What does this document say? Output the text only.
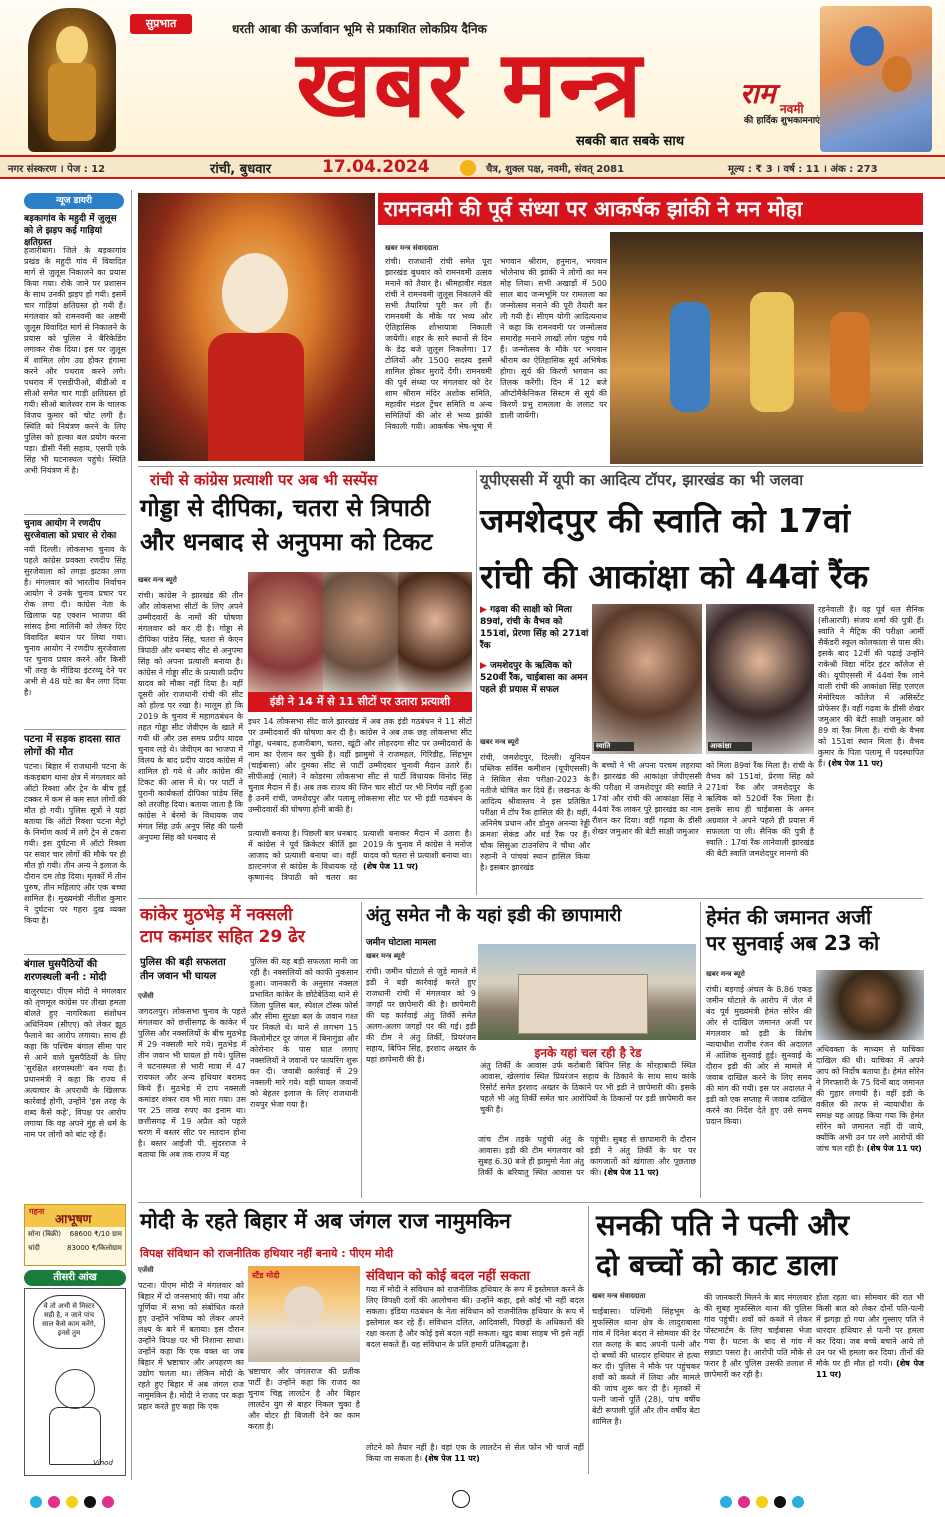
सुप्रभात	धरती आबा की ऊर्जावान भूमि से प्रकाशित लोकप्रिय दैनिक
खबर मन्त्र
सबकी बात सबके साथ
राम नवमी
की हार्दिक शुभकामनाएं
नगर संस्करण । पेज : 12	रांची, बुधवार	17.04.2024	चैत्र, शुक्ल पक्ष, नवमी, संवत् 2081	मूल्य : ₹ 3 । वर्ष : 11 । अंक : 273
न्यूज डायरी
बड़कागांव के महुदी में जुलूस को ले झड़प कई गाड़ियां क्षतिग्रस्त
हजारीबाग। जिले के बड़कागांव प्रखंड के महुदी गांव में विवादित मार्ग से जुलूस निकालने का प्रयास किया गया। रोके जाने पर प्रशासन के साथ उनकी झड़प हो गयी। इसमें चार गाड़ियां क्षतिग्रस्त हो गयी हैं। मंगलवार को रामनवमी का अष्टमी जुलूस विवादित मार्ग से निकालने के प्रयास को पुलिस ने बैरिकेडिंग लगाकर रोक दिया। इस पर जुलूस में शामिल लोग उग्र होकर हंगामा करने और पथराव करने लगे। पथराव में एसडीपीओ, बीडीओ व सीओ समेत चार गाड़ी क्षतिग्रस्त हो गयी। सीओ बालेश्वर राम के चालक विजय कुमार को चोट लगी है। स्थिति को नियंत्रण करने के लिए पुलिस को हल्का बल प्रयोग करना पड़ा। डीसी नैंसी सहाय, एसपी एके सिंह भी घटनास्थल पहुंचे। स्थिति अभी नियंत्रण में है।
चुनाव आयोग ने रणदीप सुरजेवाला को प्रचार से रोका
नयी दिल्ली। लोकसभा चुनाव के पहले कांग्रेस प्रवक्ता रणदीप सिंह सुरजेवाला को तगड़ा झटका लगा है। मंगलवार को भारतीय निर्वाचन आयोग ने उनके चुनाव प्रचार पर रोक लगा दी। कांग्रेस नेता के खिलाफ यह एक्शन भाजपा की सांसद हेमा मालिनी को लेकर दिए विवादित बयान पर लिया गया। चुनाव आयोग ने रणदीप सुरजेवाला पर चुनाव प्रचार करने और किसी भी तरह के मीडिया इंटरव्यू देने पर अभी से 48 घंटे का बैन लगा दिया है।
पटना में सड़क हादसा सात लोगों की मौत
पटना। बिहार में राजधानी पटना के कंकड़बाग थाना क्षेत्र में मंगलवार को ऑटो रिक्शा और ट्रेन के बीच हुई टक्कर में कम से कम सात लोगों की मौत हो गयी। पुलिस सूत्रों ने यहां बताया कि ऑटो रिक्शा पटना मेट्रो के निर्माण कार्य में लगे ट्रेन से टकरा गयी। इस दुर्घटना में ऑटो रिक्शा पर सवार चार लोगों की मौके पर ही मौत हो गयी। तीन अन्य ने इलाज के दौरान दम तोड़ दिया। मृतकों में तीन पुरुष, तीन महिलाएं और एक बच्चा शामिल है। मुख्यमंत्री नीतीश कुमार ने दुर्घटना पर गहरा दुख व्यक्त किया है।
बंगाल घुसपैठियों की शरणस्थली बनी : मोदी
बालुरघाट। पीएम मोदी ने मंगलवार को तृणमूल कांग्रेस पर तीखा हमला बोलते हुए नागरिकता संशोधन अधिनियम (सीएए) को लेकर झूठ फैलाने का आरोप लगाया। साथ ही कहा कि पश्चिम बंगाल सीमा पार से आने वाले घुसपैठियों के लिए 'सुरक्षित शरणस्थली' बन गया है। प्रधानमंत्री ने कहा कि राज्य में अत्याचार के अपराधी के खिलाफ कार्रवाई होगी, उन्होंने 'इस तरह के शब्द कैसे कहे', विपक्ष पर आरोप लगाया कि वह अपने मुंह से धर्म के नाम पर लोगों को बांट रहे हैं।
गहना
आभूषण
सोना (बिक्री) 68600 ₹/10 ग्राम
चांदी	83000 ₹/किलोग्राम
तीसरी आंख
ये तो अभी से मिस्टर सही है, न जाने पांच साल कैसे काम करेंगे, इनसे तुम
Vinod
रामनवमी की पूर्व संध्या पर आकर्षक झांकी ने मन मोहा
खबर मन्त्र संवाददाता
रांची। राजधानी रांची समेत पूरा झारखंड बुधवार को रामनवमी उत्सव मनाने को तैयार है। श्रीमहावीर मंडल रांची ने रामनवमी जुलूस निकालने की सभी तैयारियां पूरी कर ली हैं। रामनवमी के मौके पर भव्य और ऐतिहासिक शोभायात्रा निकाली जायेगी। शहर के सारे स्थानों से दिन के डेढ़ बजे जुलूस निकलेगा। 17 टोलियों और 1500 सदस्य इसमें शामिल होकर मुरादें देंगी। रामनवमी की पूर्व संध्या पर मंगलवार को देर शाम श्रीराम मंदिर अशोक समिति, महावीर मंडल ट्रेंचर समिति व अन्य समितियों की ओर से भव्य झांकी निकाली गयी। आकर्षक भेष-भूषा में भगवान श्रीराम, हनुमान, भगवान भोलेनाथ की झांकी ने लोगों का मन मोह लिया। सभी अखाड़ों में 500 साल बाद जन्मभूमि पर रामलला का जन्मोत्सव मनाने की पूरी तैयारी कर ली गयी है। सीएम योगी आदित्यनाथ ने कहा कि रामनवमी पर जन्मोत्सव समारोह मनाने लाखों लोग पहुंच गये हैं। जन्मोत्सव के मौके पर भगवान श्रीराम का ऐतिहासिक सूर्य अभिषेक होगा। सूर्य की किरणें भगवान का तिलक करेंगी। दिन में 12 बजे ऑप्टोमैकेनिकल सिस्टम से सूर्य की किरणें प्रभु रामलला के ललाट पर डाली जायेंगी।
रांची से कांग्रेस प्रत्याशी पर अब भी सस्पेंस
गोड्डा से दीपिका, चतरा से त्रिपाठी
और धनबाद से अनुपमा को टिकट
खबर मन्त्र ब्यूरो
रांची। कांग्रेस ने झारखंड की तीन और लोकसभा सीटों के लिए अपने उम्मीदवारों के नामों की घोषणा मंगलवार को कर दी है। गोड्डा से दीपिका पांडेय सिंह, चतरा से केएन त्रिपाठी और धनबाद सीट से अनुपमा सिंह को अपना प्रत्याशी बनाया है। कांग्रेस ने गोड्डा सीट के प्रत्याशी प्रदीप यादव को मौका नहीं दिया है। वहीं दूसरी ओर राजधानी रांची की सीट को होल्ड पर रखा है। मालूम हो कि 2019 के चुनाव में महागठबंधन के तहत गोड्डा सीट जेवीएम के खाते में गयी थी और उस समय प्रदीप यादव चुनाव लड़े थे। जेवीएम का भाजपा में विलय के बाद प्रदीप यादव कांग्रेस में शामिल हो गये थे और कांग्रेस की टिकट की आस में थे। पर पार्टी ने पुरानी कार्यकर्ता दीपिका पांडेय सिंह को तरजीह दिया। बताया जाता है कि कांग्रेस ने बेरमो के विधायक जय मंगल सिंह उर्फ अनूप सिंह की पत्नी अनुपमा सिंह को धनबाद से
इंडी ने 14 में से 11 सीटों पर उतारा प्रत्याशी
इधर 14 लोकसभा सीट वाले झारखंड में अब तक इंडी गठबंधन ने 11 सीटों पर उम्मीदवारों की घोषणा कर दी है। कांग्रेस ने अब तक छह लोकसभा सीट गोड्डा, धनबाद, हजारीबाग, चतरा, खूंटी और लोहरदगा सीट पर उम्मीदवारों के नाम का ऐलान कर चुकी है। वहीं झामुमो ने राजमहल, गिरिडीह, सिंहभूम (चाईबासा) और दुमका सीट से पार्टी उम्मीदवार चुनावी मैदान उतारे हैं। सीपीआई (माले) ने कोडरमा लोकसभा सीट से पार्टी विधायक विनोद सिंह चुनाव मैदान में हैं। अब तक राज्य की जिन चार सीटों पर भी निर्णय नहीं हुआ है उनमें रांची, जमशेदपुर और पलामू लोकसभा सीट पर भी इंडी गठबंधन के उम्मीदवारों की घोषणा होनी बाकी है।
प्रत्याशी बनाया है। पिछली बार धनबाद में कांग्रेस ने पूर्व क्रिकेटर कीर्ति झा आजाद को प्रत्याशी बनाया था। वहीं डाल्टनगंज से कांग्रेस के विधायक रहे कृष्णानंद त्रिपाठी को चतरा का प्रत्याशी बनाकर मैदान में उतारा है। 2019 के चुनाव में कांग्रेस ने मनोज यादव को चतरा से प्रत्याशी बनाया था। (शेष पेज 11 पर)
यूपीएससी में यूपी का आदित्य टॉपर, झारखंड का भी जलवा
जमशेदपुर की स्वाति को 17वां
रांची की आकांक्षा को 44वां रैंक
▶ गढ़वा की साक्षी को मिला 89वां, रांची के वैभव को 151वां, प्रेरणा सिंह को 271वां रैंक
▶ जमशेदपुर के ऋत्विक को 520वीं रैंक, चाईबासा का अमन पहले ही प्रयास में सफल
स्वाति	आकांक्षा
खबर मन्त्र ब्यूरो
रांची, जमशेदपुर, दिल्ली। यूनियन पब्लिक सर्विस कमीशन (यूपीएससी) ने सिविल सेवा परीक्षा-2023 के नतीजे घोषित कर दिये हैं। लखनऊ के आदित्य श्रीवास्तव ने इस प्रतिष्ठित परीक्षा में टॉप रैंक हासिल की है। वहीं, अनिमेष प्रधान और डोनुरु अनन्या रेड्डी क्रमशः सेकंड और थर्ड रैंक पर हैं। चौक सिसुआ टाउनशिप ने चौथा और रुहानी ने पांचवां स्थान हासिल किया है। इसबार झारखंड
के बच्चों ने भी अपना परचम लहराया है। झारखंड की आकांक्षा जेपीएससी की परीक्षा में जमशेदपुर की स्वाति ने 17वां और रांची की आकांक्षा सिंह ने 44वां रैंक लाकर पूरे झारखंड का नाम रौशन कर दिया। वहीं गढ़वा के डीसी शेखर जमुआर की बेटी साक्षी जमुआर
को मिला 89वां रैंक मिला है। रांची के वैभव को 151वां, प्रेरणा सिंह को 271वां रैंक और जमशेदपुर के ऋत्विक को 520वीं रैंक मिला है। इसके साथ ही चाईबासा के अमन अग्रवाल ने अपने पहले ही प्रयास में सफलता पा ली। सैनिक की पुत्री है स्वाति : 17वां रैंक लानेवाली झारखंड की बेटी स्वाति जमशेदपुर मानगो की
रहनेवाली हैं। वह पूर्व थल सैनिक (सीआरपी) संजय शर्मा की पुत्री हैं। स्वाति ने मैट्रिक की परीक्षा आर्मी सैकेंडरी स्कूल कोलकाता से पास की। इसके बाद 12वीं की पढ़ाई उन्होंने राकेश्री विद्या मंदिर इंटर कॉलेज से की। यूपीएससी में 44वां रैंक लाने वाली रांची की आकांक्षा सिंह एलएल मेमोरियल कॉलेज में असिस्टेंट प्रोफेसर हैं। वहीं गढ़वा के डीसी शेखर जमुआर की बेटी साक्षी जमुआर को 89 वां रैंक मिला है। रांची के वैभव को 151वां स्थान मिला है। वैभव कुमार के पिता पलामू में पदस्थापित हैं। (शेष पेज 11 पर)
कांकेर मुठभेड़ में नक्सली
टाप कमांडर सहित 29 ढेर
पुलिस की बड़ी सफलता
तीन जवान भी घायल
एजेंसी
जगदलपुर। लोकसभा चुनाव के पहले मंगलवार को छत्तीसगढ़ के कांकेर में पुलिस और नक्सलियों के बीच मुठभेड़ में 29 नक्सली मारे गये। मुठभेड़ में तीन जवान भी घायल हो गये। पुलिस ने घटनास्थल से भारी मात्रा में 47 रायफल और अन्य हथियार बरामद किये हैं। मुठभेड़ में टाप नक्सली कमांडर शंकर राव भी मारा गया। उस पर 25 लाख रुपए का इनाम था। छत्तीसगढ़ में 19 अप्रैल को पहले चरण में बस्तर सीट पर मतदान होना है। बस्तर आईजी पी. सुंदरराज ने बताया कि अब तक राज्य में यह
पुलिस की यह बड़ी सफलता मानी जा रही है। नक्सलियों को काफी नुकसान हुआ। जानकारी के अनुसार नक्सल प्रभावित कांकेर के छोटेबेठिया थाने से जिला पुलिस बल, स्पेशल टॉस्क फोर्स और सीमा सुरक्षा बल के जवान गश्त पर निकले थे। थाने से लगभग 15 किलोमीटर दूर जंगल में बिनागुंडा और कोरोनार के पास घात लगाए नक्सलियों ने जवानों पर फायरिंग शुरू कर दी। जवाबी कार्रवाई में 29 नक्सली मारे गये। वहीं घायल जवानों को बेहतर इलाज के लिए राजधानी रायपुर भेजा गया है।
अंतु समेत नौ के यहां इडी की छापामारी
जमीन घोटाला मामला
खबर मन्त्र ब्यूरो
रांची। जमीन घोटाले से जुड़े मामले में इडी ने बड़ी कार्रवाई करते हुए राजधानी रांची में मंगलवार को 9 जगहों पर छापेमारी की है। छापेमारी की यह कार्रवाई अंतु तिर्की समेत अलग-अलग जगहों पर की गई। इडी की टीम ने अंतु तिर्की, प्रियरंजन सहाय, बिपिन सिंह, इरशाद अख्तर के यहां छापेमारी की है।	इनके यहां चल रही है रेड
अंतु तिर्की के आवास उर्फ करोबारी बिपिन सिंह के मोरहाबादी स्थित आवास, खेलगांव स्थित प्रियरंजन सहाय के ठिकाने के साथ साथ कांके रिसोर्ट समेत इरशाद अख्तर के ठिकाने पर भी इडी ने छापेमारी की। इसके पहले भी अंतु तिर्की समेत चार आरोपियों के ठिकानों पर इडी छापेमारी कर चुकी है।
जांच टीम तड़के पहुंची अंतु के आवास। इडी की टीम मंगलवार को सुबह 6.30 बजे ही झामुमो नेता अंतु तिर्की के बरियातु स्थित आवास पर पहुंची। सुबह से छापामारी के दौरान इडी ने अंतु तिर्की के घर पर कागजातों को खंगाला और पूछताछ की। (शेष पेज 11 पर)
हेमंत की जमानत अर्जी
पर सुनवाई अब 23 को
खबर मन्त्र ब्यूरो
रांची। बड़गाई अंचल के 8.86 एकड़ जमीन घोटाले के आरोप में जेल में बंद पूर्व मुख्यमंत्री हेमंत सोरेन की ओर से दाखिल जमानत अर्जी पर मंगलवार को इडी के विशेष न्यायाधीश राजीव रंजन की अदालत में आंशिक सुनवाई हुई। सुनवाई के दौरान इडी की ओर से मामले में जवाब दाखिल करने के लिए समय की मांग की गयी। इस पर अदालत ने इडी को एक सप्ताह में जवाब दाखिल करने का निर्देश देते हुए उसे समय प्रदान किया।
अधिवक्ता के माध्यम से याचिका दाखिल की थी। याचिका में अपने आप को निर्दोष बताया है। हेमंत सोरेन ने गिरफ्तारी के 75 दिनों बाद जमानत की गुहार लगायी है। वहीं इडी के वकील की तरफ से न्यायाधीश के समक्ष यह आग्रह किया गया कि हेमंत सोरेन को जमानत नहीं दी जाये, क्योंकि अभी उन पर लगे आरोपों की जांच चल रही है। (शेष पेज 11 पर)
मोदी के रहते बिहार में अब जंगल राज नामुमकिन
विपक्ष संविधान को राजनीतिक हथियार नहीं बनाये : पीएम मोदी
एजेंसी
स्टैंड मोदी
पटना। पीएम मोदी ने मंगलवार को बिहार में दो जनसभाएं कीं। गया और पूर्णिया में सभा को संबोधित करते हुए उन्होंने भविष्य को लेकर अपने लक्ष्य के बारे में बताया। इस दौरान उन्होंने विपक्ष पर भी निशाना साधा। उन्होंने कहा कि एक वक्त था जब बिहार में भ्रष्टाचार और अपहरण का उद्योग चलता था। लेकिन मोदी के रहते हुए बिहार में अब जंगल राज नामुमकिन है। मोदी ने राजद पर कड़ा प्रहार करते हुए कहा कि एक
भ्रष्टाचार और जंगलराज की प्रतीक पार्टी है। उन्होंने कहा कि राजद का चुनाव चिह्न लालटेन है और बिहार लालटेन युग से बाहर निकल चुका है और वोटर ही बिजली देने का काम करता है।
संविधान को कोई बदल नहीं सकता
गया में मोदी ने संविधान को राजनीतिक हथियार के रूप में इस्तेमाल करने के लिए विपक्षी दलों की आलोचना की। उन्होंने कहा, इसे कोई भी नहीं बदल सकता। इंडिया गठबंधन के नेता संविधान को राजनीतिक हथियार के रूप में इस्तेमाल कर रहे हैं। संविधान दलित, आदिवासी, पिछड़ों के अधिकारों की रक्षा करता है और कोई इसे बदल नहीं सकता। खुद बाबा साहब भी इसे नहीं बदल सकते हैं। यह संविधान के प्रति हमारी प्रतिबद्धता है।
लोटने को तैयार नहीं है। वहां एक के लालटेन से सेल फोन भी चार्ज नहीं किया जा सकता है। (शेष पेज 11 पर)
सनकी पति ने पत्नी और
दो बच्चों को काट डाला
खबर मन्त्र संवाददाता
चाईबासा। पश्चिमी सिंहभूम के मुफस्सिल थाना क्षेत्र के लादुराबासा गांव में दिनेश बंदरा ने सोमवार की देर रात कलह के बाद अपनी पत्नी और दो बच्चों की धारदार हथियार से हत्या कर दी। पुलिस ने मौके पर पहुंचकर शवों को कब्जे में लिया और मामले की जांच शुरू कर दी है। मृतकों में पत्नी जानो पूर्ति (28), पांच वर्षीय बेटी रूपाली पूर्ति और तीन वर्षीय बेटा शामिल है।
की जानकारी मिलने के बाद मंगलवार की सुबह मुफस्सिल थाना की पुलिस गांव पहुंची। शवों को कब्जे में लेकर पोस्टमार्टम के लिए चाईबासा भेजा गया है। घटना के बाद से गांव में सन्नाटा पसरा है। आरोपी पति मौके से फरार है और पुलिस उसकी तलाश में छापेमारी कर रही है।
होता रहता था। सोमवार की रात भी किसी बात को लेकर दोनों पति-पत्नी में झगड़ा हो गया और गुस्साए पति ने धारदार हथियार से पत्नी पर हमला कर दिया। जब बच्चे बचाने आये तो उन पर भी हमला कर दिया। तीनों की मौके पर ही मौत हो गयी। (शेष पेज 11 पर)
